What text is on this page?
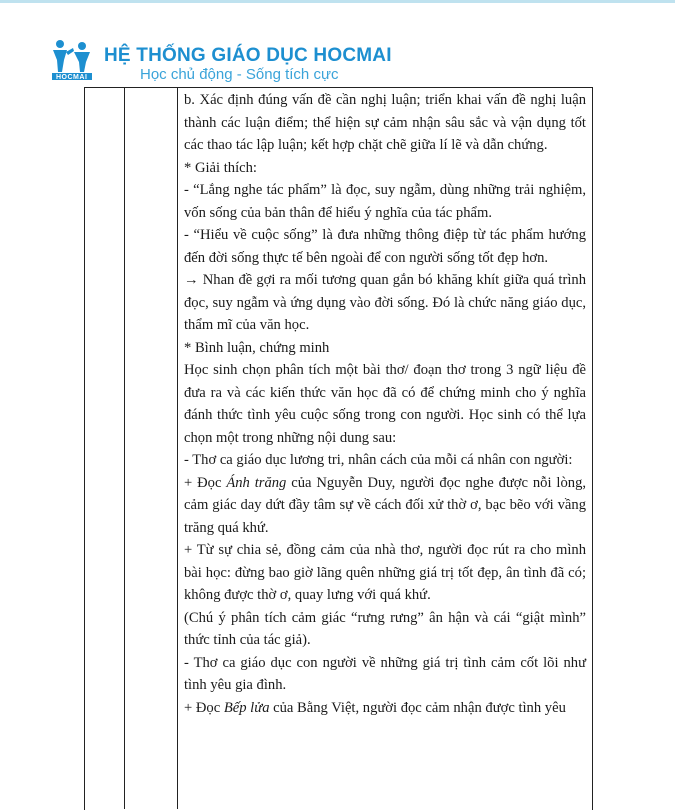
HOCMAI
HỆ THỐNG GIÁO DỤC HOCMAI
Học chủ động - Sống tích cực

b. Xác định đúng vấn đề cần nghị luận; triển khai vấn đề nghị luận thành các luận điểm; thể hiện sự cảm nhận sâu sắc và vận dụng tốt các thao tác lập luận; kết hợp chặt chẽ giữa lí lẽ và dẫn chứng.

* Giải thích:

- “Lắng nghe tác phẩm” là đọc, suy ngẫm, dùng những trải nghiệm, vốn sống của bản thân để hiểu ý nghĩa của tác phẩm.

- “Hiểu về cuộc sống” là đưa những thông điệp từ tác phẩm hướng đến đời sống thực tế bên ngoài để con người sống tốt đẹp hơn.

→ Nhan đề gợi ra mối tương quan gắn bó khăng khít giữa quá trình đọc, suy ngẫm và ứng dụng vào đời sống. Đó là chức năng giáo dục, thẩm mĩ của văn học.

* Bình luận, chứng minh

Học sinh chọn phân tích một bài thơ/ đoạn thơ trong 3 ngữ liệu đề đưa ra và các kiến thức văn học đã có để chứng minh cho ý nghĩa đánh thức tình yêu cuộc sống trong con người. Học sinh có thể lựa chọn một trong những nội dung sau:

- Thơ ca giáo dục lương tri, nhân cách của mỗi cá nhân con người:

+ Đọc Ánh trăng của Nguyễn Duy, người đọc nghe được nỗi lòng, cảm giác day dứt đầy tâm sự về cách đối xử thờ ơ, bạc bẽo với vầng trăng quá khứ.

+ Từ sự chia sẻ, đồng cảm của nhà thơ, người đọc rút ra cho mình bài học: đừng bao giờ lãng quên những giá trị tốt đẹp, ân tình đã có; không được thờ ơ, quay lưng với quá khứ.

(Chú ý phân tích cảm giác “rưng rưng” ân hận và cái “giật mình” thức tỉnh của tác giả).

- Thơ ca giáo dục con người về những giá trị tình cảm cốt lõi như tình yêu gia đình.

+ Đọc Bếp lửa của Bằng Việt, người đọc cảm nhận được tình yêu
